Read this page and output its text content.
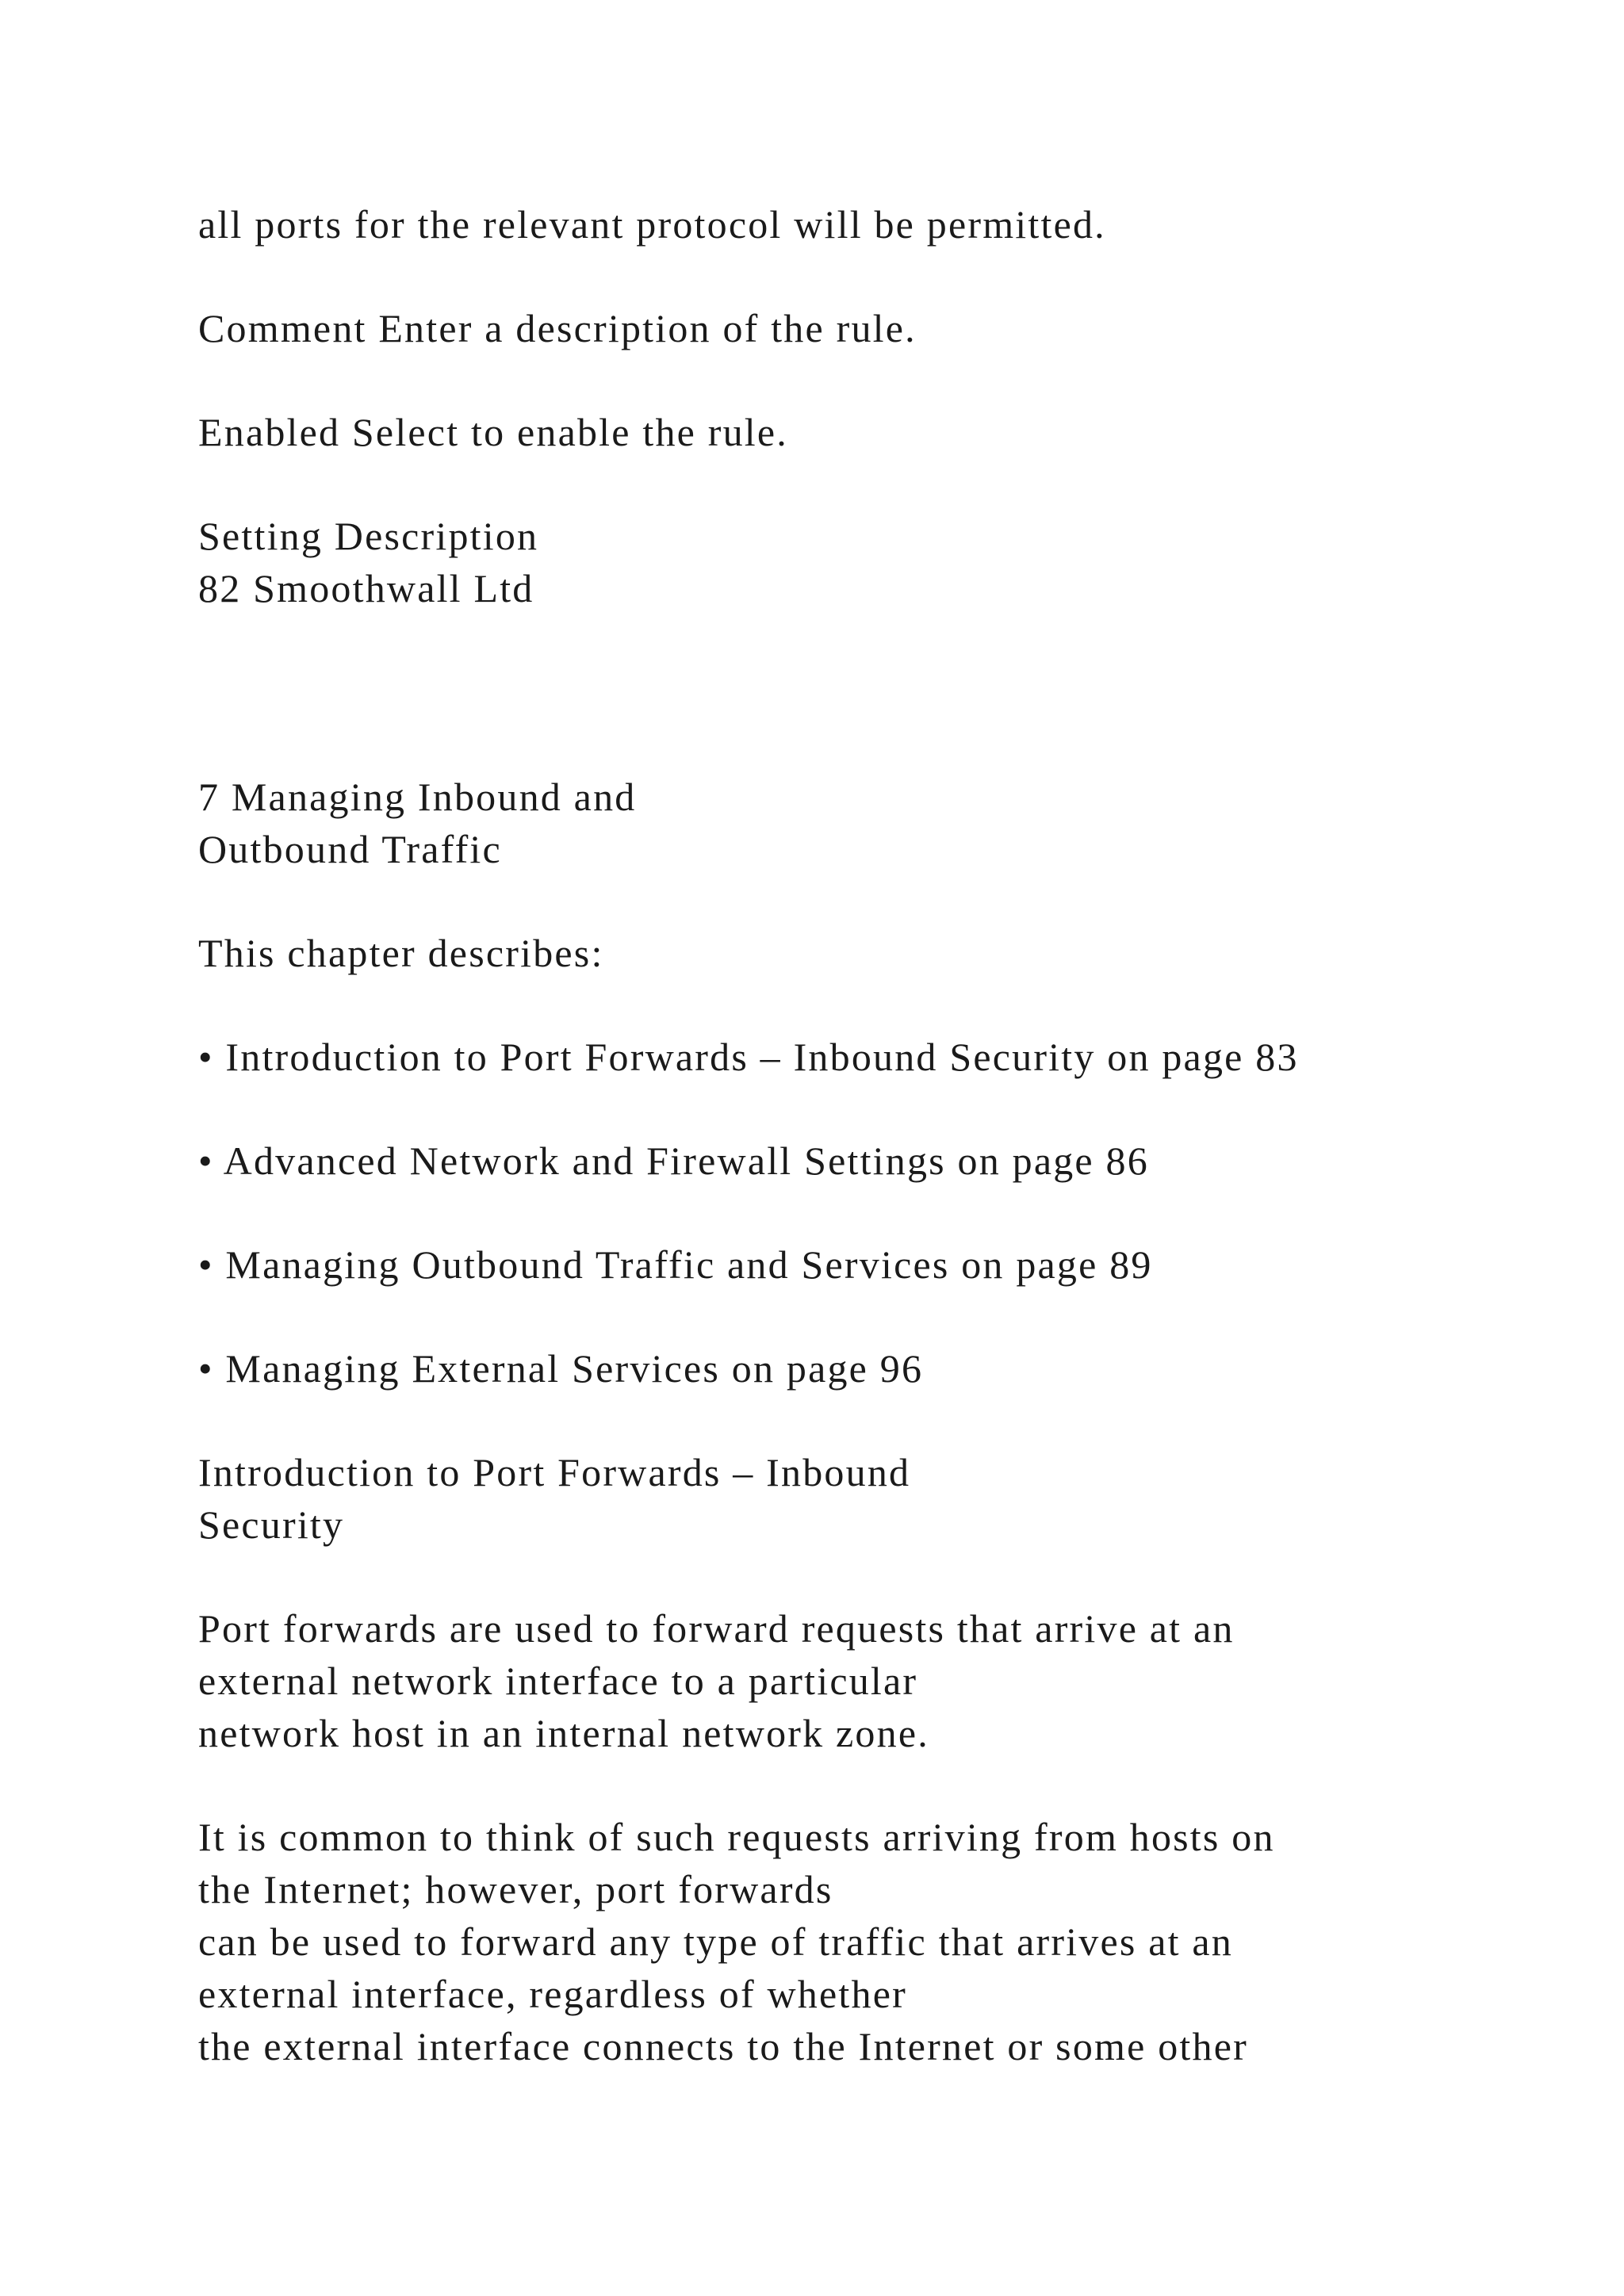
all ports for the relevant protocol will be permitted.

Comment Enter a description of the rule.

Enabled Select to enable the rule.

Setting Description

82 Smoothwall Ltd

7 Managing Inbound and

Outbound Traffic

This chapter describes:

• Introduction to Port Forwards – Inbound Security on page 83

• Advanced Network and Firewall Settings on page 86

• Managing Outbound Traffic and Services on page 89

• Managing External Services on page 96

Introduction to Port Forwards – Inbound

Security

Port forwards are used to forward requests that arrive at an

external network interface to a particular

network host in an internal network zone.

It is common to think of such requests arriving from hosts on

the Internet; however, port forwards

can be used to forward any type of traffic that arrives at an

external interface, regardless of whether

the external interface connects to the Internet or some other
